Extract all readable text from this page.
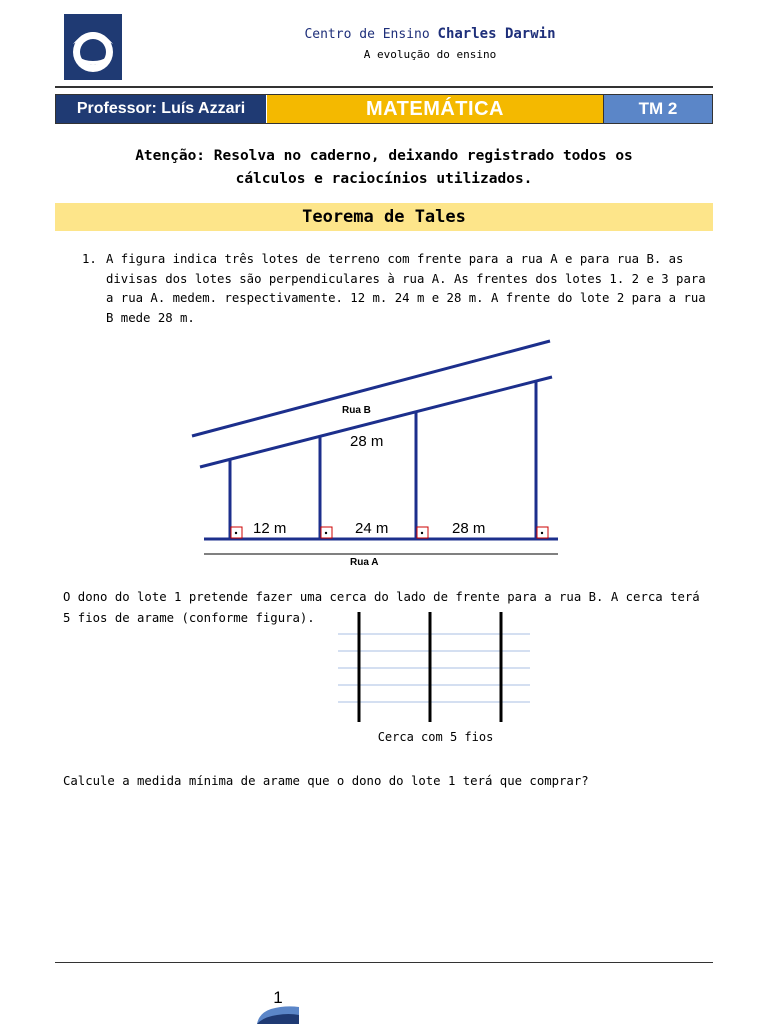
Centro de Ensino Charles Darwin
A evolução do ensino
Professor: Luís Azzari	MATEMÁTICA	TM 2
Atenção: Resolva no caderno, deixando registrado todos os
cálculos e raciocínios utilizados.
Teorema de Tales
1. A figura indica três lotes de terreno com frente para a rua A e para rua B. as divisas dos lotes são perpendiculares à rua A. As frentes dos lotes 1. 2 e 3 para a rua A. medem. respectivamente. 12 m. 24 m e 28 m. A frente do lote 2 para a rua B mede 28 m.
Rua B
28 m
12 m	24 m	28 m
Rua A
O dono do lote 1 pretende fazer uma cerca do lado de frente para a rua B. A cerca terá 5 fios de arame (conforme figura).
Cerca com 5 fios
Calcule a medida mínima de arame que o dono do lote 1 terá que comprar?
1
